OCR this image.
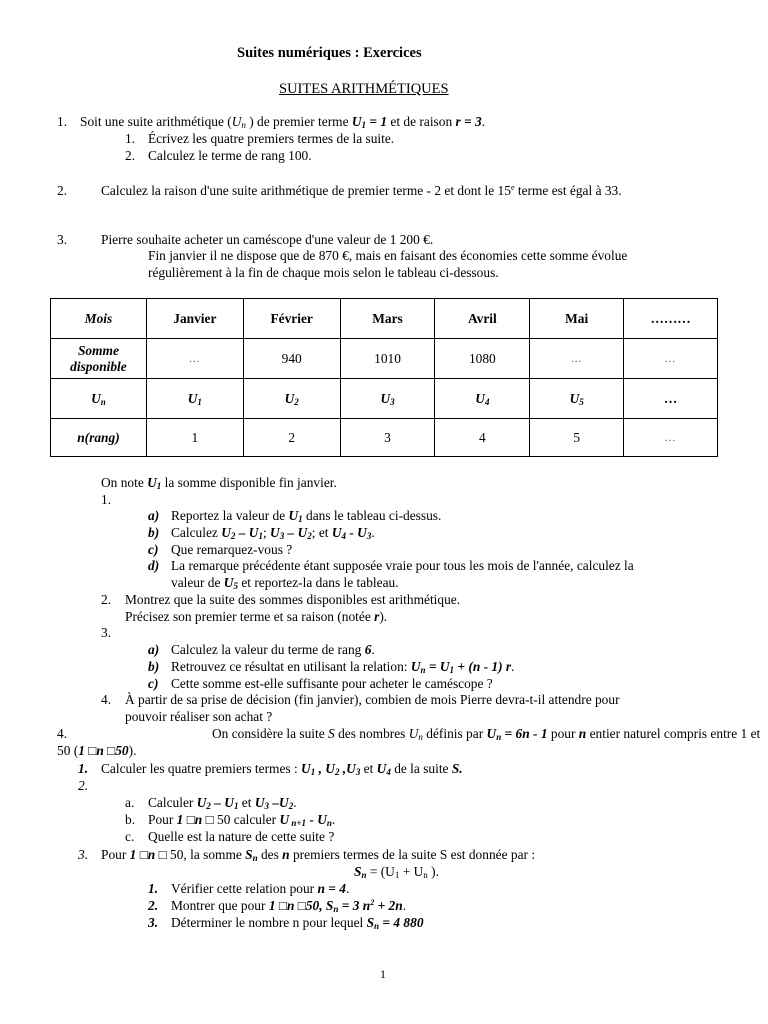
Suites numériques : Exercices
SUITES ARITHMÉTIQUES
1. Soit une suite arithmétique ($U_n$ ) de premier terme $U_1 = 1$ et de raison r = 3.
1. Écrivez les quatre premiers termes de la suite.
2. Calculez le terme de rang 100.
2.	Calculez la raison d'une suite arithmétique de premier terme - 2 et dont le 15e terme est égal à 33.
3.	Pierre souhaite acheter un caméscope d'une valeur de 1 200 €.
Fin janvier il ne dispose que de 870 €, mais en faisant des économies cette somme évolue
régulièrement à la fin de chaque mois selon le tableau ci-dessous.
Mois	Janvier	Février	Mars	Avril	Mai	………
Somme
disponible	…	940	1010	1080	…	…
$U_n$	$U_1$	$U_2$	$U_3$	$U_4$	$U_5$	…
n(rang)	1	2	3	4	5	…
On note $U_1$ la somme disponible fin janvier.
1.
a) Reportez la valeur de $U_1$ dans le tableau ci-dessus.
b) Calculez $U_2 - U_1$; $U_3 - U_2$; et $U_4 - U_3$.
c) Que remarquez-vous ?
d) La remarque précédente étant supposée vraie pour tous les mois de l'année, calculez la
valeur de $U_5$ et reportez-la dans le tableau.
2. Montrez que la suite des sommes disponibles est arithmétique.
Précisez son premier terme et sa raison (notée r).
3.
a) Calculez la valeur du terme de rang 6.
b) Retrouvez ce résultat en utilisant la relation: $U_n = U_1 + (n - 1)$ r.
c) Cette somme est-elle suffisante pour acheter le caméscope ?
4. À partir de sa prise de décision (fin janvier), combien de mois Pierre devra-t-il attendre pour
pouvoir réaliser son achat ?
4.	On considère la suite S des nombres $U_n$ définis par $U_n = 6n - 1$ pour n entier naturel compris entre 1 et
50 (1 □n □50).
1. Calculer les quatre premiers termes : $U_1$ , $U_2$ $,U_3$ et $U_4$ de la suite S.
2.
a. Calculer $U_2 - U_1$ et $U_3$ $-U_2$.
b. Pour 1 □n □ 50 calculer U $_{n+1} - U_n$.
c. Quelle est la nature de cette suite ?
3. Pour 1 □n □ 50, la somme $S_n$ des n premiers termes de la suite S est donnée par :
$S_n = (U_1 + U_n$ ).
1. Vérifier cette relation pour n = 4.
2. Montrer que pour 1 □n □50, $S_n = 3$ $n^2 + 2n$.
3. Déterminer le nombre n pour lequel $S_n = 4$ 880
1
